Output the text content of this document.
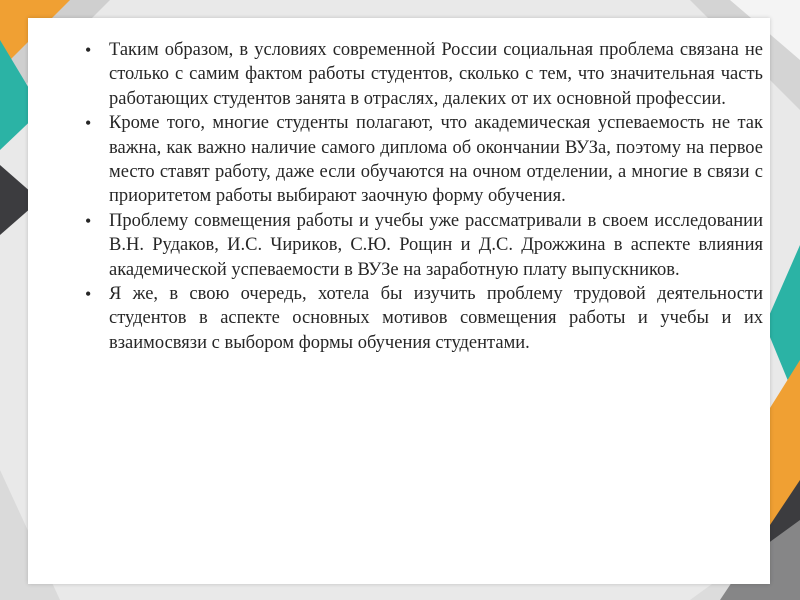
• Таким образом, в условиях современной России социальная проблема связана не столько с самим фактом работы студентов, сколько с тем, что значительная часть работающих студентов занята в отраслях, далеких от их основной профессии.
• Кроме того, многие студенты полагают, что академическая успеваемость не так важна, как важно наличие самого диплома об окончании ВУЗа, поэтому на первое место ставят работу, даже если обучаются на очном отделении, а многие в связи с приоритетом работы выбирают заочную форму обучения.
• Проблему совмещения работы и учебы уже рассматривали в своем исследовании В.Н. Рудаков, И.С. Чириков, С.Ю. Рощин и Д.С. Дрожжина в аспекте влияния академической успеваемости в ВУЗе на заработную плату выпускников.
• Я же, в свою очередь, хотела бы изучить проблему трудовой деятельности студентов в аспекте основных мотивов совмещения работы и учебы и их взаимосвязи с выбором формы обучения студентами.
